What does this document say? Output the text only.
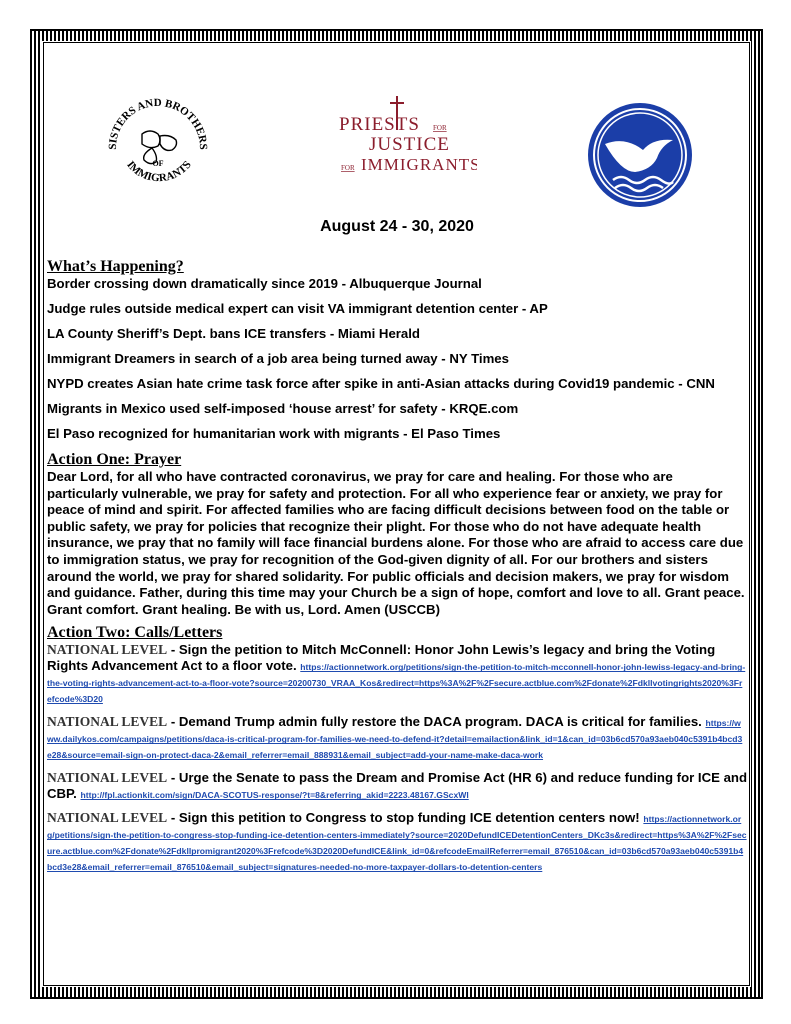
SISTERS AND BROTHERS
IMMIGRANTS
OF
PRIESTS FOR
JUSTICE
FOR IMMIGRANTS
August 24 - 30, 2020
What’s Happening?
Border crossing down dramatically since 2019 - Albuquerque Journal
Judge rules outside medical expert can visit VA immigrant detention center - AP
LA County Sheriff’s Dept. bans ICE transfers - Miami Herald
Immigrant Dreamers in search of a job area being turned away - NY Times
NYPD creates Asian hate crime task force after spike in anti-Asian attacks during Covid19 pandemic - CNN
Migrants in Mexico used self-imposed ‘house arrest’ for safety - KRQE.com
El Paso recognized for humanitarian work with migrants - El Paso Times
Action One: Prayer

Dear Lord, for all who have contracted coronavirus, we pray for care and healing. For those who are particularly vulnerable, we pray for safety and protection. For all who experience fear or anxiety, we pray for peace of mind and spirit. For affected families who are facing difficult decisions between food on the table or public safety, we pray for policies that recognize their plight. For those who do not have adequate health insurance, we pray that no family will face financial burdens alone. For those who are afraid to access care due to immigration status, we pray for recognition of the God-given dignity of all. For our brothers and sisters around the world, we pray for shared solidarity. For public officials and decision makers, we pray for wisdom and guidance. Father, during this time may your Church be a sign of hope, comfort and love to all. Grant peace. Grant comfort. Grant healing. Be with us, Lord. Amen (USCCB)

Action Two: Calls/Letters

NATIONAL LEVEL - Sign the petition to Mitch McConnell: Honor John Lewis’s legacy and bring the Voting Rights Advancement Act to a floor vote. https://actionnetwork.org/petitions/sign-the-petition-to-mitch-mcconnell-honor-john-lewiss-legacy-and-bring-the-voting-rights-advancement-act-to-a-floor-vote?source=20200730_VRAA_Kos&redirect=https%3A%2F%2Fsecure.actblue.com%2Fdonate%2Fdkllvotingrights2020%3Frefcode%3D20

NATIONAL LEVEL - Demand Trump admin fully restore the DACA program. DACA is critical for families. https://www.dailykos.com/campaigns/petitions/daca-is-critical-program-for-families-we-need-to-defend-it?detail=emailaction&link_id=1&can_id=03b6cd570a93aeb040c5391b4bcd3e28&source=email-sign-on-protect-daca-2&email_referrer=email_888931&email_subject=add-your-name-make-daca-work

NATIONAL LEVEL - Urge the Senate to pass the Dream and Promise Act (HR 6) and reduce funding for ICE and CBP. http://fpl.actionkit.com/sign/DACA-SCOTUS-response/?t=8&referring_akid=2223.48167.GScxWl

NATIONAL LEVEL - Sign this petition to Congress to stop funding ICE detention centers now! https://actionnetwork.org/petitions/sign-the-petition-to-congress-stop-funding-ice-detention-centers-immediately?source=2020DefundICEDetentionCenters_DKc3s&redirect=https%3A%2F%2Fsecure.actblue.com%2Fdonate%2Fdkllpromigrant2020%3Frefcode%3D2020DefundICE&link_id=0&refcodeEmailReferrer=email_876510&can_id=03b6cd570a93aeb040c5391b4bcd3e28&email_referrer=email_876510&email_subject=signatures-needed-no-more-taxpayer-dollars-to-detention-centers
